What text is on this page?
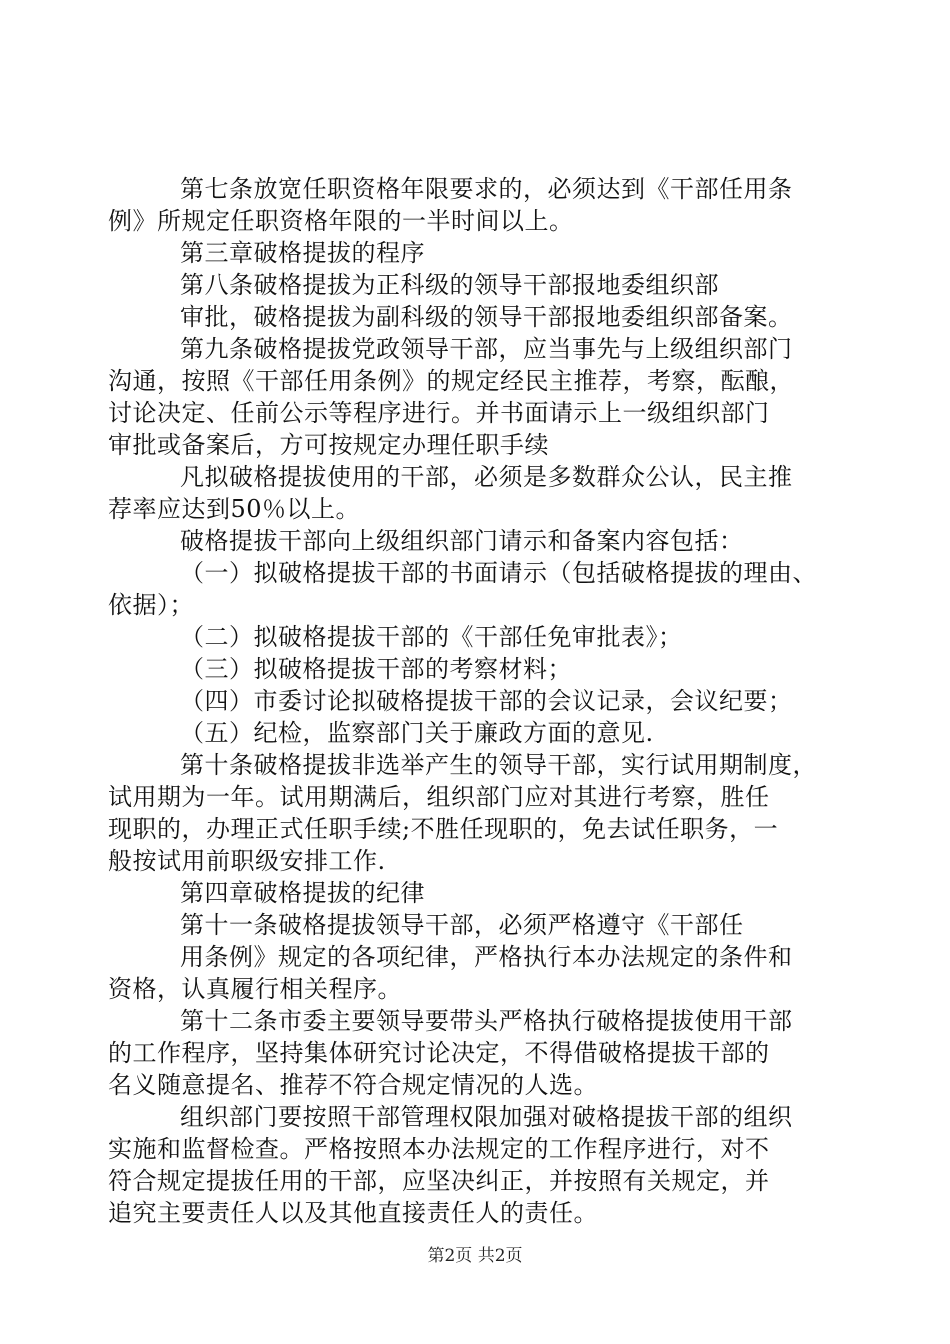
第七条放宽任职资格年限要求的，必须达到《干部任用条
例》所规定任职资格年限的一半时间以上。
第三章破格提拔的程序
第八条破格提拔为正科级的领导干部报地委组织部
审批，破格提拔为副科级的领导干部报地委组织部备案。
第九条破格提拔党政领导干部，应当事先与上级组织部门
沟通，按照《干部任用条例》的规定经民主推荐，考察，酝酿，
讨论决定、任前公示等程序进行。并书面请示上一级组织部门
审批或备案后，方可按规定办理任职手续
凡拟破格提拔使用的干部，必须是多数群众公认，民主推
荐率应达到50％以上。
破格提拔干部向上级组织部门请示和备案内容包括：
（一）拟破格提拔干部的书面请示（包括破格提拔的理由、
依据）；
（二）拟破格提拔干部的《干部任免审批表》；
（三）拟破格提拔干部的考察材料；
（四）市委讨论拟破格提拔干部的会议记录，会议纪要；
（五）纪检，监察部门关于廉政方面的意见.
第十条破格提拔非选举产生的领导干部，实行试用期制度，
试用期为一年。试用期满后，组织部门应对其进行考察，胜任
现职的，办理正式任职手续;不胜任现职的，免去试任职务，一
般按试用前职级安排工作.
第四章破格提拔的纪律
第十一条破格提拔领导干部，必须严格遵守《干部任
用条例》规定的各项纪律，严格执行本办法规定的条件和
资格，认真履行相关程序。
第十二条市委主要领导要带头严格执行破格提拔使用干部
的工作程序，坚持集体研究讨论决定，不得借破格提拔干部的
名义随意提名、推荐不符合规定情况的人选。
组织部门要按照干部管理权限加强对破格提拔干部的组织
实施和监督检查。严格按照本办法规定的工作程序进行，对不
符合规定提拔任用的干部，应坚决纠正，并按照有关规定，并
追究主要责任人以及其他直接责任人的责任。
第2页 共2页
